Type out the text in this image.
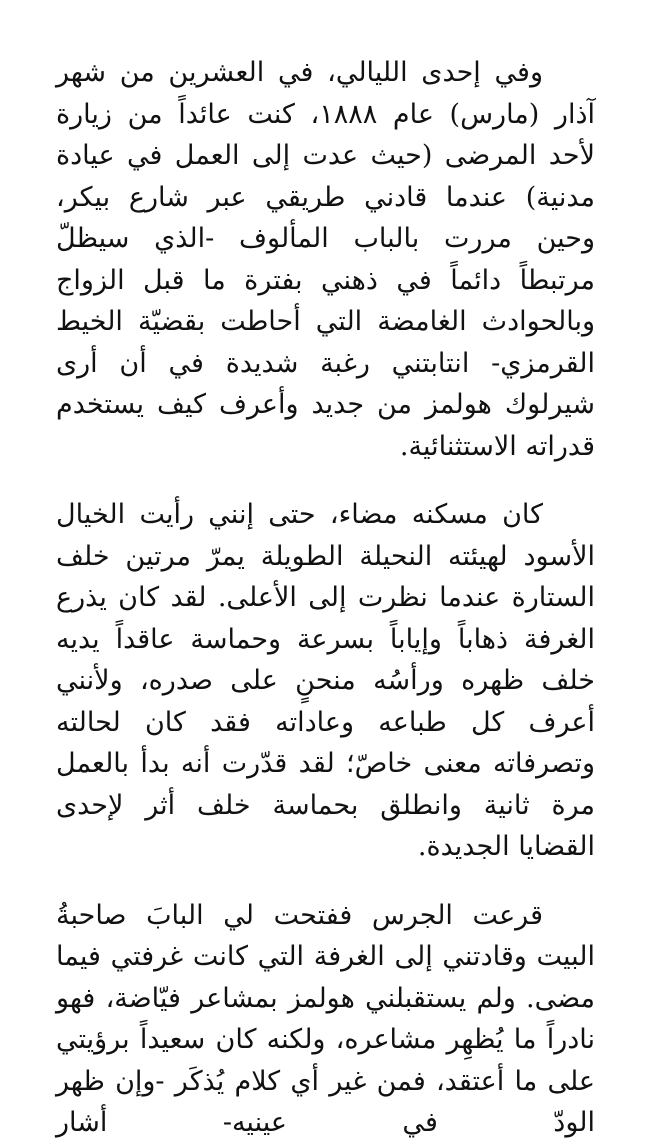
وفي إحدى الليالي، في العشرين من شهر آذار (مارس) عام ١٨٨٨، كنت عائداً من زيارة لأحد المرضى (حيث عدت إلى العمل في عيادة مدنية) عندما قادني طريقي عبر شارع بيكر، وحين مررت بالباب المألوف -الذي سيظلّ مرتبطاً دائماً في ذهني بفترة ما قبل الزواج وبالحوادث الغامضة التي أحاطت بقضيّة الخيط القرمزي- انتابتني رغبة شديدة في أن أرى شيرلوك هولمز من جديد وأعرف كيف يستخدم قدراته الاستثنائية.

كان مسكنه مضاء، حتى إنني رأيت الخيال الأسود لهيئته النحيلة الطويلة يمرّ مرتين خلف الستارة عندما نظرت إلى الأعلى. لقد كان يذرع الغرفة ذهاباً وإياباً بسرعة وحماسة عاقداً يديه خلف ظهره ورأسُه منحنٍ على صدره، ولأنني أعرف كل طباعه وعاداته فقد كان لحالته وتصرفاته معنى خاصّ؛ لقد قدّرت أنه بدأ بالعمل مرة ثانية وانطلق بحماسة خلف أثر لإحدى القضايا الجديدة.

قرعت الجرس ففتحت لي البابَ صاحبةُ البيت وقادتني إلى الغرفة التي كانت غرفتي فيما مضى. ولم يستقبلني هولمز بمشاعر فيّاضة، فهو نادراً ما يُظهِر مشاعره، ولكنه كان سعيداً برؤيتي على ما أعتقد، فمن غير أي كلام يُذكَر -وإن ظهر الودّ في عينيه- أشار
